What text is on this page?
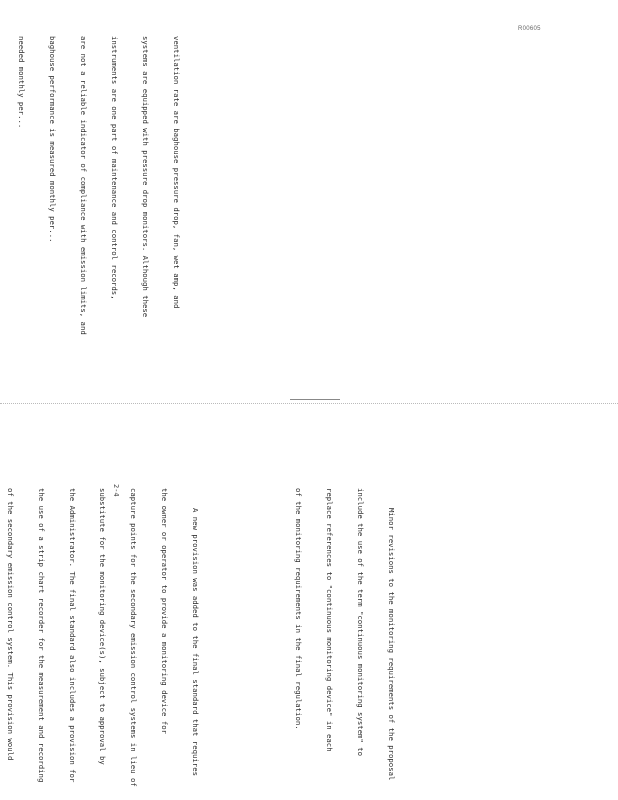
R00605
2-4

ventilation rate are baghouse pressure drop, fan, wet amp, and

systems are equipped with pressure drop monitors. Although these

instruments are one part of maintenance and control records,

are not a reliable indicator of compliance with emission limits, and

baghouse performance is measured monthly per...

needed monthly per...

Minor revisions to the monitoring requirements of the proposal

include the use of the term "continuous monitoring system" to

replace references to "continuous monitoring device" in each

of the monitoring requirements in the final regulation.

A new provision was added to the final standard that requires

the owner or operator to provide a monitoring device for

capture points for the secondary emission control systems in lieu of

substitute for the monitoring device(s), subject to approval by

the Administrator. The final standard also includes a provision for

the use of a strip chart recorder for the measurement and recording

of the secondary emission control system. This provision would
